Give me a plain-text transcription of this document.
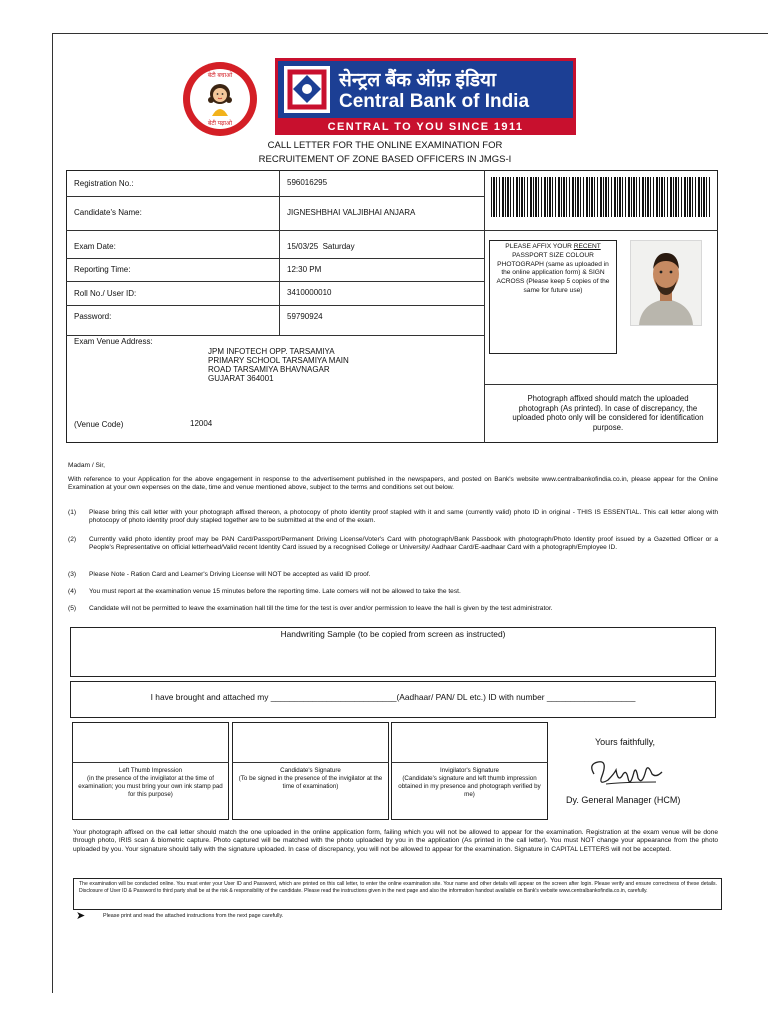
बेटी बचाओ
बेटी पढ़ाओ
सेन्ट्रल बैंक ऑफ़ इंडिया
Central Bank of India
CENTRAL TO YOU SINCE 1911
CALL LETTER FOR THE ONLINE EXAMINATION FOR
RECRUITEMENT OF ZONE BASED OFFICERS IN JMGS-I
Registration No.:	596016295
Candidate's Name:	JIGNESHBHAI VALJIBHAI ANJARA
Exam Date:	15/03/25  Saturday
Reporting Time:	12:30 PM
Roll No./ User ID:	3410000010
Password:	59790924
Exam Venue Address:
JPM INFOTECH OPP. TARSAMIYA
PRIMARY SCHOOL TARSAMIYA MAIN
ROAD TARSAMIYA BHAVNAGAR
GUJARAT 364001
(Venue Code)	12004
PLEASE AFFIX YOUR RECENT PASSPORT SIZE COLOUR PHOTOGRAPH (same as uploaded in the online application form) & SIGN ACROSS (Please keep 5 copies of the same for future use)
Photograph affixed should match the uploaded photograph (As printed). In case of discrepancy, the uploaded photo only will be considered for identification purpose.
Madam / Sir,
With reference to your Application for the above engagement in response to the advertisement published in the newspapers, and posted on Bank's website www.centralbankofindia.co.in, please appear for the Online Examination at your own expenses on the date, time and venue mentioned above, subject to the terms and conditions set out below.
(1) Please bring this call letter with your photograph affixed thereon, a photocopy of photo identity proof stapled with it and same (currently valid) photo ID in original - THIS IS ESSENTIAL. This call letter along with photocopy of photo identity proof duly stapled together are to be submitted at the end of the exam.
(2) Currently valid photo identity proof may be PAN Card/Passport/Permanent Driving License/Voter's Card with photograph/Bank Passbook with photograph/Photo Identity proof issued by a Gazetted Officer or a People's Representative on official letterhead/Valid recent Identity Card issued by a recognised College or University/ Aadhaar Card/E-aadhaar Card with a photograph/Employee ID.
(3) Please Note - Ration Card and Learner's Driving License will NOT be accepted as valid ID proof.
(4) You must report at the examination venue 15 minutes before the reporting time. Late comers will not be allowed to take the test.
(5) Candidate will not be permitted to leave the examination hall till the time for the test is over and/or permission to leave the hall is given by the test administrator.
Handwriting Sample (to be copied from screen as instructed)
I have brought and attached my ___________________________(Aadhaar/ PAN/ DL etc.) ID with number ___________________
Left Thumb Impression
(in the presence of the invigilator at the time of examination; you must bring your own ink stamp pad for this purpose)
Candidate's Signature
(To be signed in the presence of the invigilator at the time of examination)
Invigilator's Signature
(Candidate's signature and left thumb impression obtained in my presence and photograph verified by me)
Yours faithfully,
Dy. General Manager (HCM)
Your photograph affixed on the call letter should match the one uploaded in the online application form, failing which you will not be allowed to appear for the examination. Registration at the exam venue will be done through photo, IRIS scan & biometric capture. Photo captured will be matched with the photo uploaded by you in the application (As printed in the call letter). You must NOT change your appearance from the photo uploaded by you. Your signature should tally with the signature uploaded. In case of discrepancy, you will not be allowed to appear for the examination. Signature in CAPITAL LETTERS will not be accepted.
The examination will be conducted online. You must enter your User ID and Password, which are printed on this call letter, to enter the online examination site. Your name and other details will appear on the screen after login. Please verify and ensure correctness of these details. Disclosure of User ID & Password to third party shall be at the risk & responsibility of the candidate. Please read the instructions given in the next page and also the information handout available on Bank's website www.centralbankofindia.co.in, carefully.
➤	Please print and read the attached instructions from the next page carefully.
